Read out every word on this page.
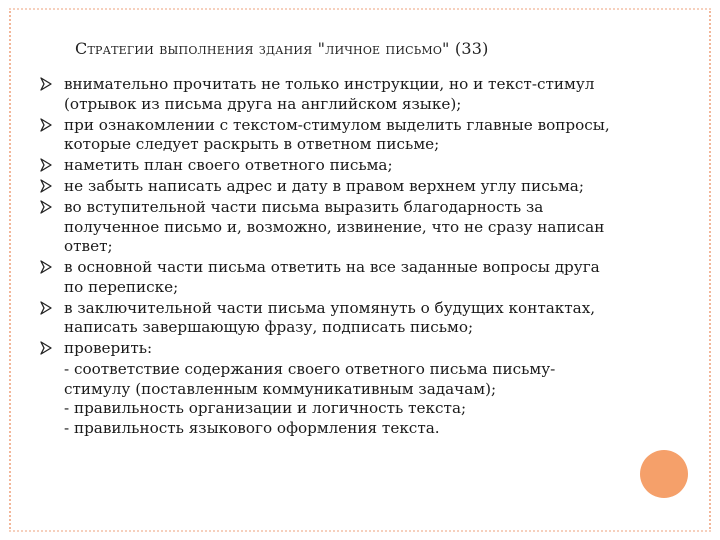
Стратегии выполнения здания "личное письмо" (33)
внимательно прочитать не только инструкции, но и текст-стимул (отрывок из письма друга на английском языке);
при ознакомлении с текстом-стимулом выделить главные вопросы, которые следует раскрыть в ответном письме;
наметить план своего ответного письма;
не забыть написать адрес и дату в правом верхнем углу письма;
во вступительной части письма выразить благодарность за полученное письмо и, возможно, извинение, что не сразу написан ответ;
в основной части письма ответить на все заданные вопросы друга по переписке;
в заключительной части письма упомянуть о будущих контактах, написать завершающую фразу, подписать письмо;
проверить:
- соответствие содержания своего ответного письма письму-стимулу (поставленным коммуникативным задачам);
- правильность организации и логичность текста;
- правильность языкового оформления текста.
